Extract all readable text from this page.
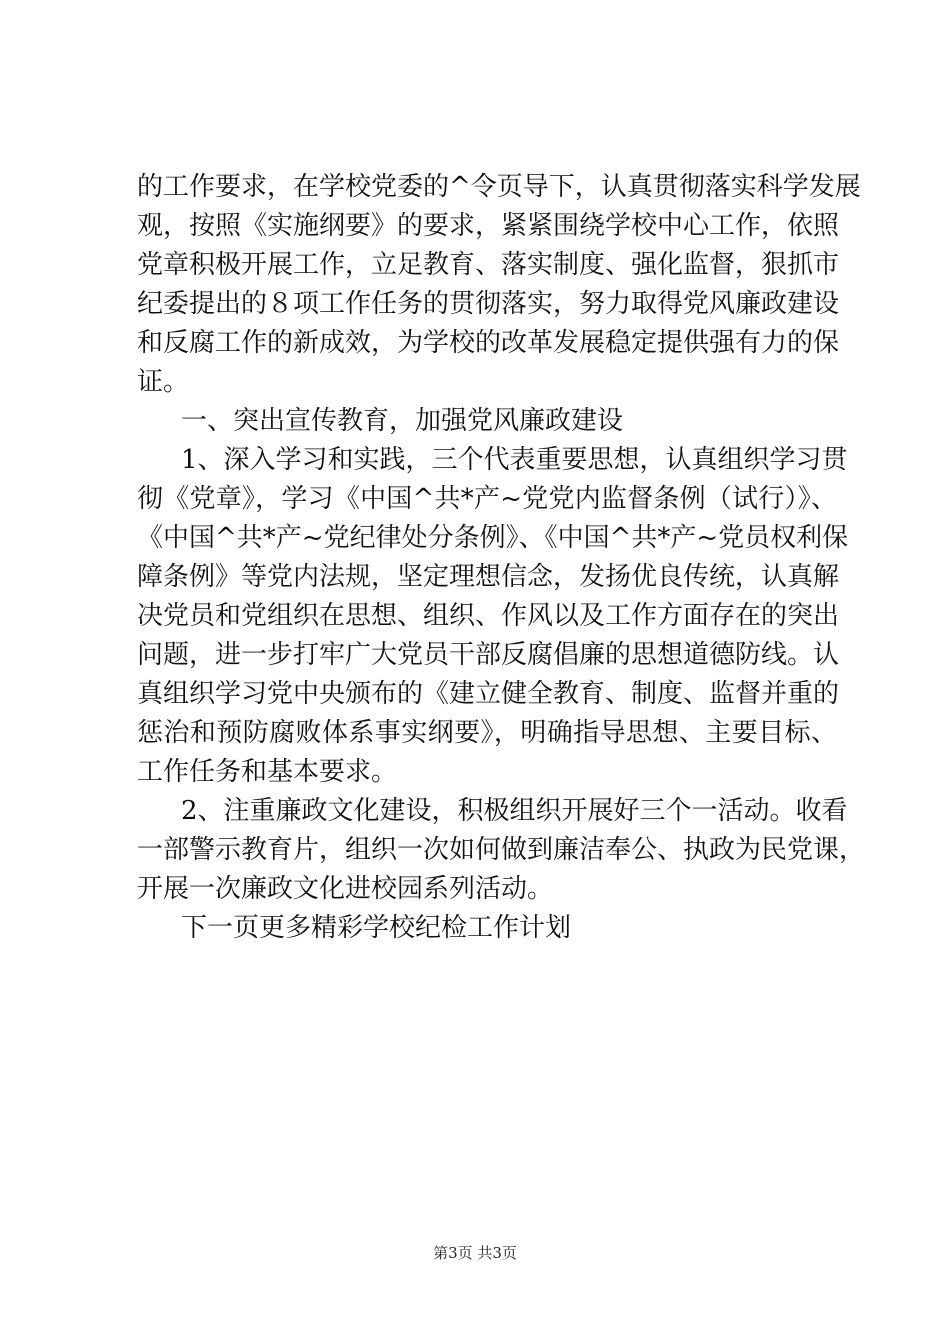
的工作要求，在学校党委的^令页导下，认真贯彻落实科学发展
观，按照《实施纲要》的要求，紧紧围绕学校中心工作，依照
党章积极开展工作，立足教育、落实制度、强化监督，狠抓市
纪委提出的８项工作任务的贯彻落实，努力取得党风廉政建设
和反腐工作的新成效，为学校的改革发展稳定提供强有力的保
证。
一、突出宣传教育，加强党风廉政建设
1、深入学习和实践，三个代表重要思想，认真组织学习贯
彻《党章》，学习《中国^共*产~党党内监督条例（试行）》、
《中国^共*产~党纪律处分条例》、《中国^共*产~党员权利保
障条例》等党内法规，坚定理想信念，发扬优良传统，认真解
决党员和党组织在思想、组织、作风以及工作方面存在的突出
问题，进一步打牢广大党员干部反腐倡廉的思想道德防线。认
真组织学习党中央颁布的《建立健全教育、制度、监督并重的
惩治和预防腐败体系事实纲要》，明确指导思想、主要目标、
工作任务和基本要求。
2、注重廉政文化建设，积极组织开展好三个一活动。收看
一部警示教育片，组织一次如何做到廉洁奉公、执政为民党课，
开展一次廉政文化进校园系列活动。
下一页更多精彩学校纪检工作计划
第3页 共3页
